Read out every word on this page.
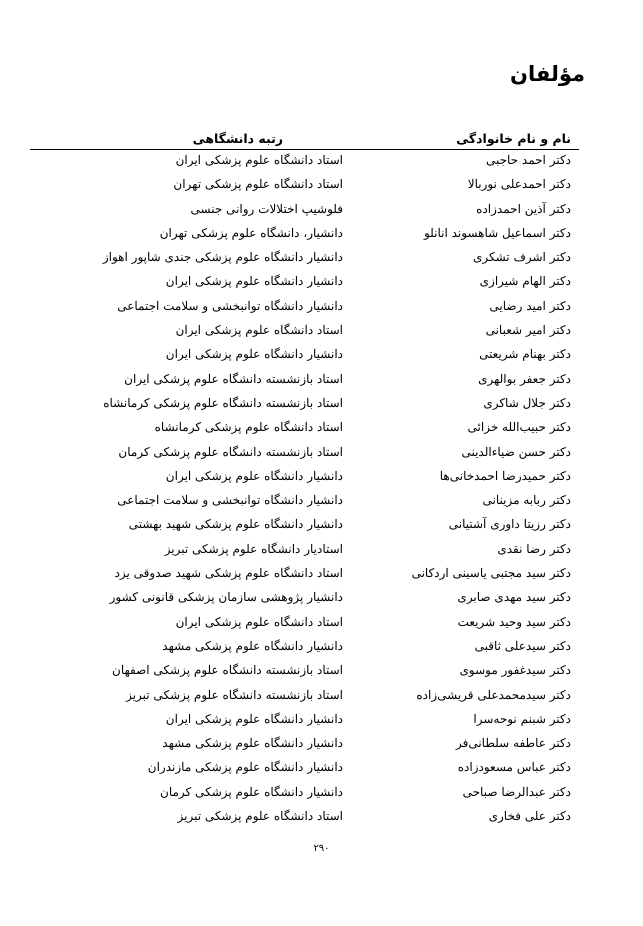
مؤلفان
نام و نام خانوادگی
رتبه دانشگاهی
دکتر احمد حاجبی
استاد دانشگاه علوم پزشکی ایران
دکتر احمدعلی نوربالا
استاد دانشگاه علوم پزشکی تهران
دکتر آذین احمدزاده
فلوشیپ اختلالات روانی جنسی
دکتر اسماعیل شاهسوند انانلو
دانشیار، دانشگاه علوم پزشکی تهران
دکتر اشرف تشکری
دانشیار دانشگاه علوم پزشکی جندی شاپور اهواز
دکتر الهام شیرازی
دانشیار دانشگاه علوم پزشکی ایران
دکتر امید رضایی
دانشیار دانشگاه توانبخشی و سلامت اجتماعی
دکتر امیر شعبانی
استاد دانشگاه علوم پزشکی ایران
دکتر بهنام شریعتی
دانشیار دانشگاه علوم پزشکی ایران
دکتر جعفر بوالهری
استاد بازنشسته دانشگاه علوم پزشکی ایران
دکتر جلال شاکری
استاد بازنشسته دانشگاه علوم پزشکی کرمانشاه
دکتر حبیب‌الله خزائی
استاد دانشگاه علوم پزشکی کرمانشاه
دکتر حسن ضیاءالدینی
استاد بازنشسته دانشگاه علوم پزشکی کرمان
دکتر حمیدرضا احمدخانی‌ها
دانشیار دانشگاه علوم پزشکی ایران
دکتر ربابه مزینانی
دانشیار دانشگاه توانبخشی و سلامت اجتماعی
دکتر رزیتا داوری آشتیانی
دانشیار دانشگاه علوم پزشکی شهید بهشتی
دکتر رضا نقدی
استادیار دانشگاه علوم پزشکی تبریز
دکتر سید مجتبی یاسینی اردکانی
استاد دانشگاه علوم پزشکی شهید صدوقی یزد
دکتر سید مهدی صابری
دانشیار پژوهشی سازمان پزشکی قانونی کشور
دکتر سید وحید شریعت
استاد دانشگاه علوم پزشکی ایران
دکتر سیدعلی ثاقبی
دانشیار دانشگاه علوم پزشکی مشهد
دکتر سیدغفور موسوی
استاد بازنشسته دانشگاه علوم پزشکی اصفهان
دکتر سیدمحمدعلی قریشی‌زاده
استاد بازنشسته دانشگاه علوم پزشکی تبریز
دکتر شبنم نوحه‌سرا
دانشیار دانشگاه علوم پزشکی ایران
دکتر عاطفه سلطانی‌فر
دانشیار دانشگاه علوم پزشکی مشهد
دکتر عباس مسعودزاده
دانشیار دانشگاه علوم پزشکی مازندران
دکتر عبدالرضا صباحی
دانشیار دانشگاه علوم پزشکی کرمان
دکتر علی فخاری
استاد دانشگاه علوم پزشکی تبریز
۲۹۰
